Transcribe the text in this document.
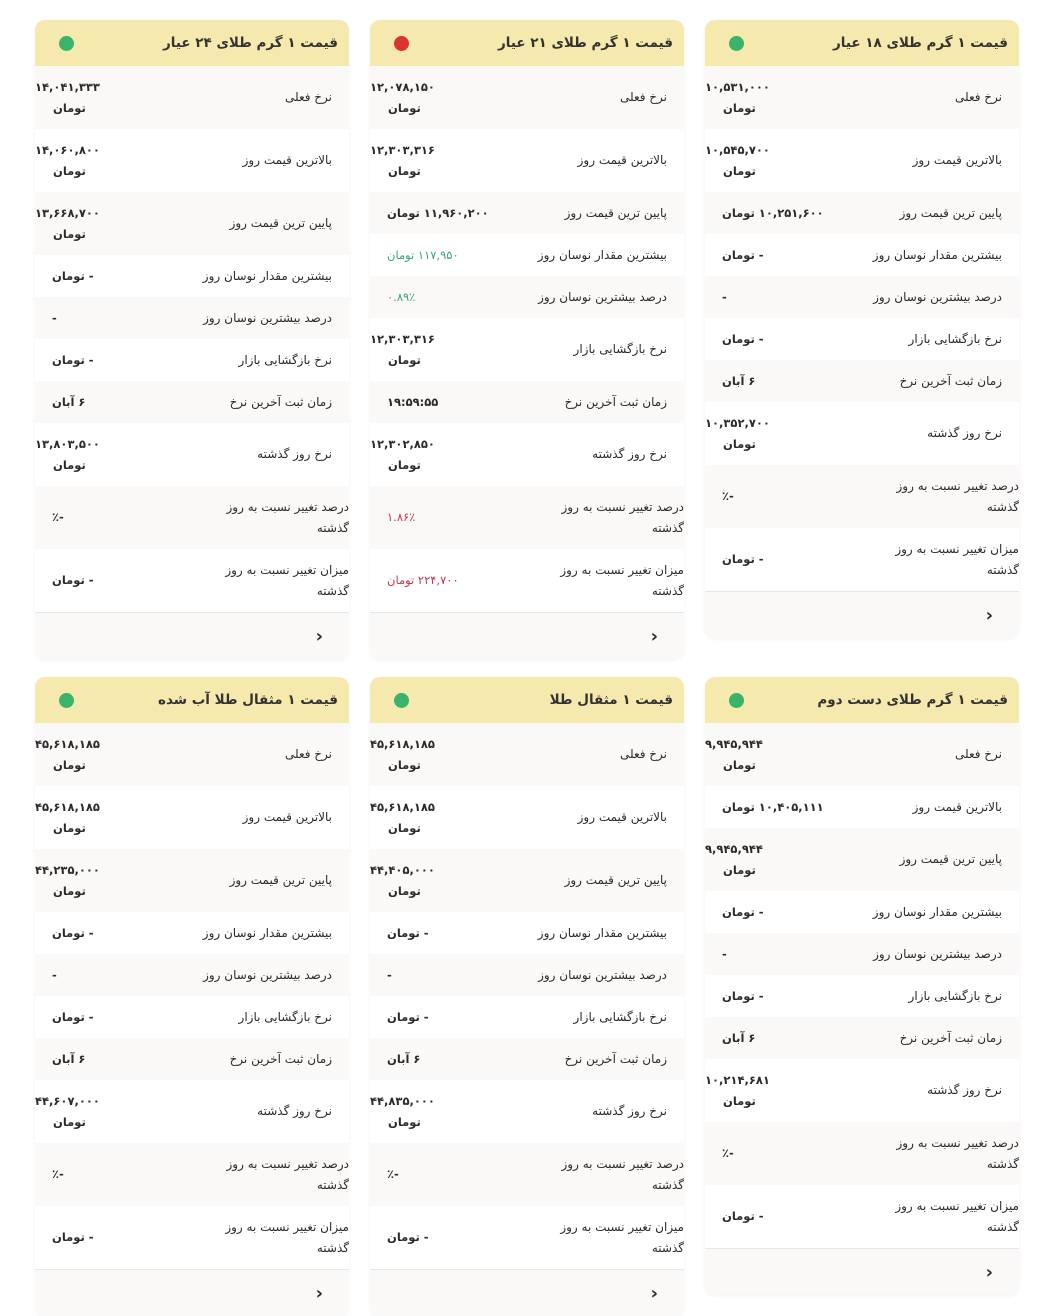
قیمت ۱ گرم طلای ۱۸ عیار
نرخ فعلی
۱۰,۵۳۱,۰۰۰
تومان
بالاترین قیمت روز
۱۰,۵۴۵,۷۰۰
تومان
پایین ترین قیمت روز
۱۰,۲۵۱,۶۰۰ تومان
بیشترین مقدار نوسان روز
- تومان
درصد بیشترین نوسان روز
-
نرخ بازگشایی بازار
- تومان
زمان ثبت آخرین نرخ
۶ آبان
نرخ روز گذشته
۱۰,۳۵۲,۷۰۰
تومان
درصد تغییر نسبت به روز گذشته
-٪
میزان تغییر نسبت به روز گذشته
- تومان
‹
قیمت ۱ گرم طلای ۲۱ عیار
نرخ فعلی
۱۲,۰۷۸,۱۵۰
تومان
بالاترین قیمت روز
۱۲,۳۰۳,۳۱۶
تومان
پایین ترین قیمت روز
۱۱,۹۶۰,۲۰۰ تومان
بیشترین مقدار نوسان روز
۱۱۷,۹۵۰ تومان
درصد بیشترین نوسان روز
۰.۸۹٪
نرخ بازگشایی بازار
۱۲,۳۰۳,۳۱۶
تومان
زمان ثبت آخرین نرخ
۱۹:۵۹:۵۵
نرخ روز گذشته
۱۲,۳۰۲,۸۵۰
تومان
درصد تغییر نسبت به روز گذشته
۱.۸۶٪
میزان تغییر نسبت به روز گذشته
۲۲۴,۷۰۰ تومان
‹
قیمت ۱ گرم طلای ۲۴ عیار
نرخ فعلی
۱۴,۰۴۱,۳۳۳
تومان
بالاترین قیمت روز
۱۴,۰۶۰,۸۰۰
تومان
پایین ترین قیمت روز
۱۳,۶۶۸,۷۰۰
تومان
بیشترین مقدار نوسان روز
- تومان
درصد بیشترین نوسان روز
-
نرخ بازگشایی بازار
- تومان
زمان ثبت آخرین نرخ
۶ آبان
نرخ روز گذشته
۱۳,۸۰۳,۵۰۰
تومان
درصد تغییر نسبت به روز گذشته
-٪
میزان تغییر نسبت به روز گذشته
- تومان
‹
قیمت ۱ گرم طلای دست دوم
نرخ فعلی
۹,۹۴۵,۹۴۴
تومان
بالاترین قیمت روز
۱۰,۴۰۵,۱۱۱ تومان
پایین ترین قیمت روز
۹,۹۴۵,۹۴۴
تومان
بیشترین مقدار نوسان روز
- تومان
درصد بیشترین نوسان روز
-
نرخ بازگشایی بازار
- تومان
زمان ثبت آخرین نرخ
۶ آبان
نرخ روز گذشته
۱۰,۲۱۴,۶۸۱
تومان
درصد تغییر نسبت به روز گذشته
-٪
میزان تغییر نسبت به روز گذشته
- تومان
‹
قیمت ۱ مثقال طلا
نرخ فعلی
۴۵,۶۱۸,۱۸۵
تومان
بالاترین قیمت روز
۴۵,۶۱۸,۱۸۵
تومان
پایین ترین قیمت روز
۴۴,۴۰۵,۰۰۰
تومان
بیشترین مقدار نوسان روز
- تومان
درصد بیشترین نوسان روز
-
نرخ بازگشایی بازار
- تومان
زمان ثبت آخرین نرخ
۶ آبان
نرخ روز گذشته
۴۴,۸۳۵,۰۰۰
تومان
درصد تغییر نسبت به روز گذشته
-٪
میزان تغییر نسبت به روز گذشته
- تومان
‹
قیمت ۱ مثقال طلا آب شده
نرخ فعلی
۴۵,۶۱۸,۱۸۵
تومان
بالاترین قیمت روز
۴۵,۶۱۸,۱۸۵
تومان
پایین ترین قیمت روز
۴۴,۲۳۵,۰۰۰
تومان
بیشترین مقدار نوسان روز
- تومان
درصد بیشترین نوسان روز
-
نرخ بازگشایی بازار
- تومان
زمان ثبت آخرین نرخ
۶ آبان
نرخ روز گذشته
۴۴,۶۰۷,۰۰۰
تومان
درصد تغییر نسبت به روز گذشته
-٪
میزان تغییر نسبت به روز گذشته
- تومان
‹
